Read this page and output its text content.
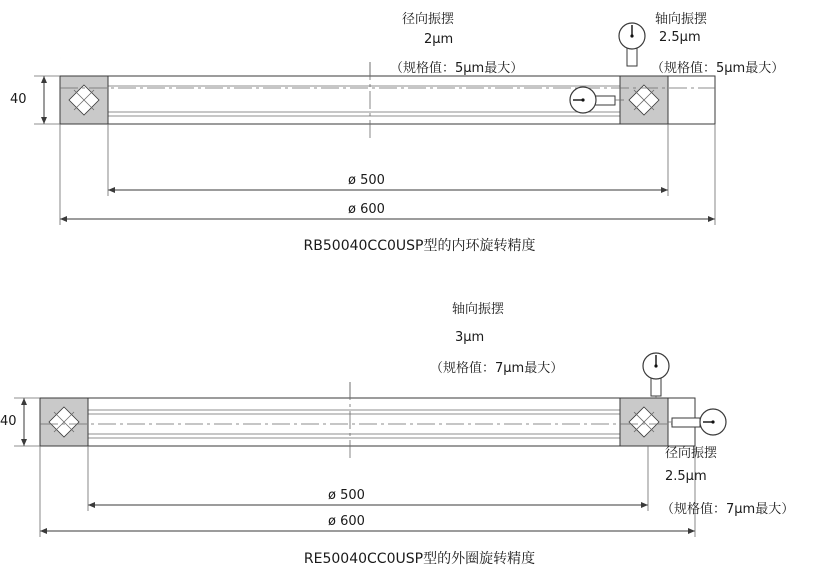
径向振摆
2μm
（规格值：5μm最大）
轴向振摆
2.5μm
（规格值：5μm最大）
40
ø 500
ø 600
RB50040CC0USP型的内环旋转精度
轴向振摆
3μm
（规格值：7μm最大）
径向振摆
2.5μm
（规格值：7μm最大）
40
ø 500
ø 600
RE50040CC0USP型的外圈旋转精度
